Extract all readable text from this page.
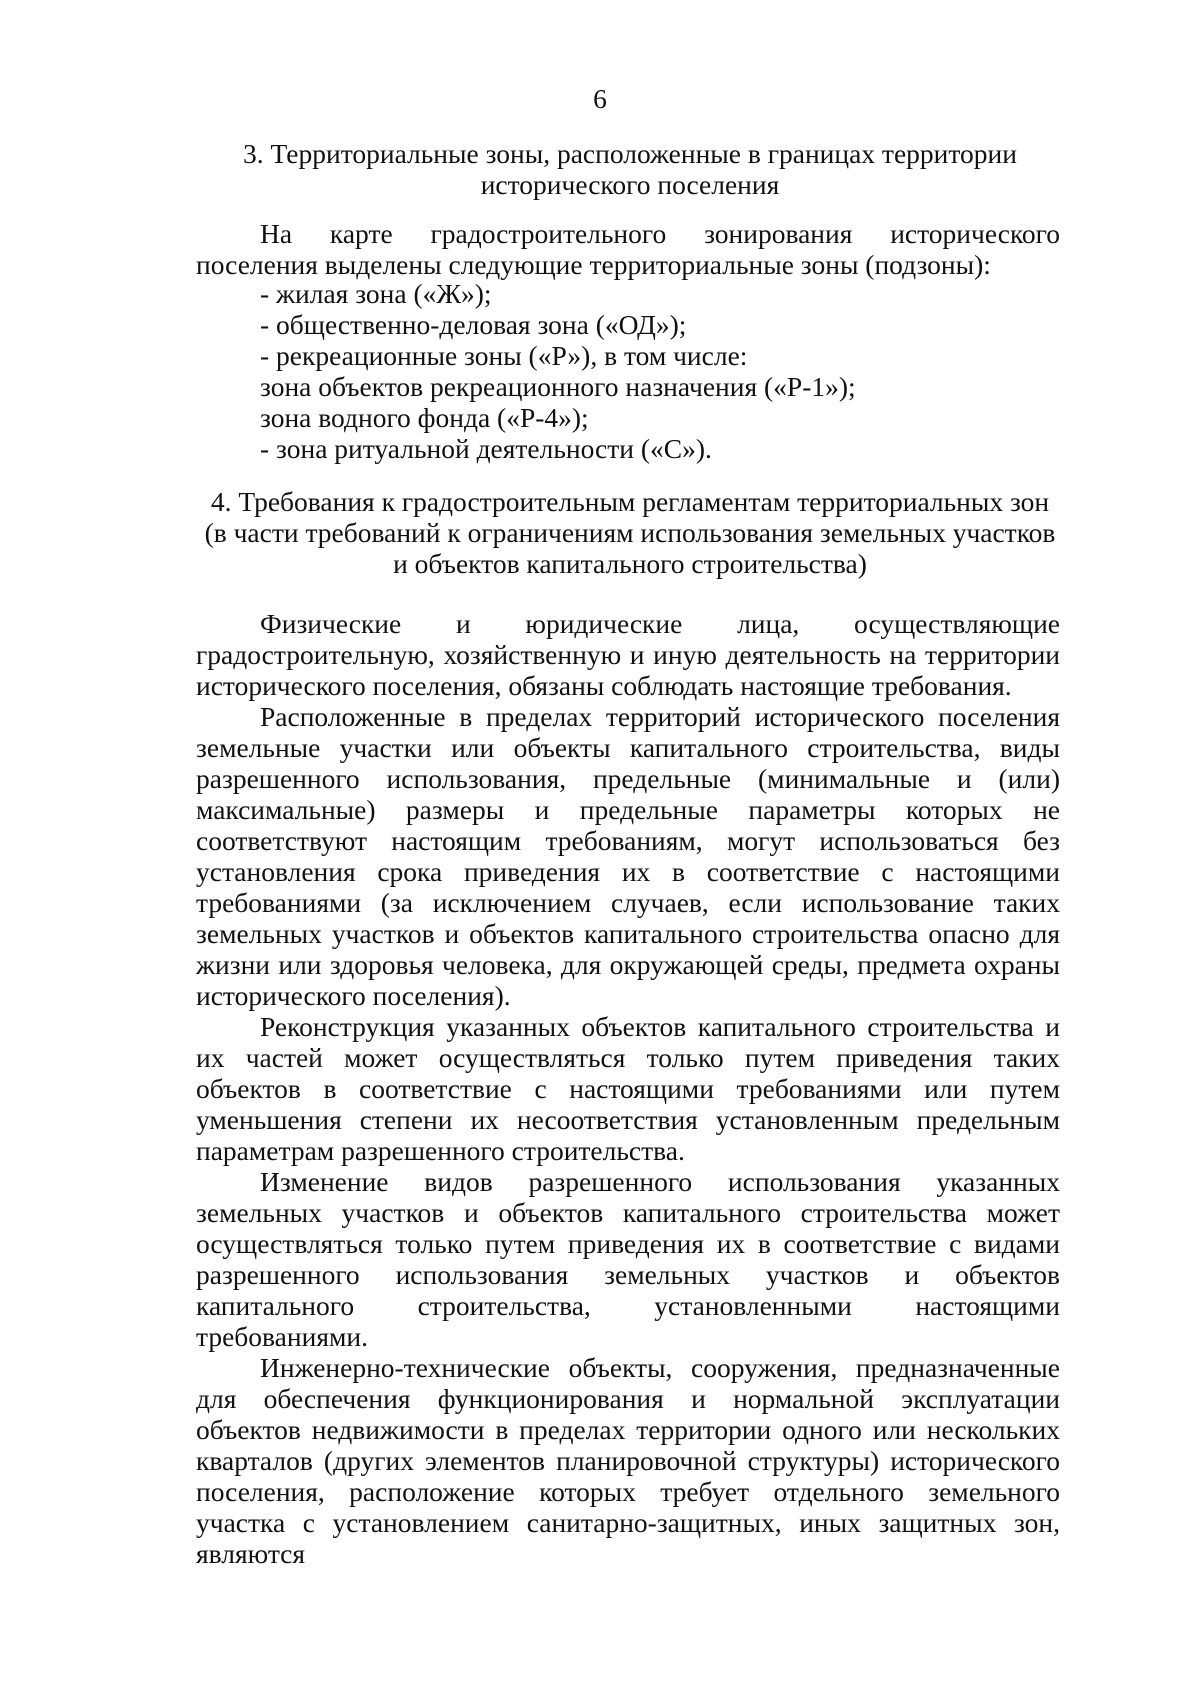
6
3. Территориальные зоны, расположенные в границах территории
исторического поселения

На карте градостроительного зонирования исторического поселения выделены следующие территориальные зоны (подзоны):

- жилая зона («Ж»);
- общественно-деловая зона («ОД»);
- рекреационные зоны («Р»), в том числе:
зона объектов рекреационного назначения («Р-1»);
зона водного фонда («Р-4»);
- зона ритуальной деятельности («С»).
4. Требования к градостроительным регламентам территориальных зон
(в части требований к ограничениям использования земельных участков
и объектов капитального строительства)

Физические и юридические лица, осуществляющие градостроительную, хозяйственную и иную деятельность на территории исторического поселения, обязаны соблюдать настоящие требования.

Расположенные в пределах территорий исторического поселения земельные участки или объекты капитального строительства, виды разрешенного использования, предельные (минимальные и (или) максимальные) размеры и предельные параметры которых не соответствуют настоящим требованиям, могут использоваться без установления срока приведения их в соответствие с настоящими требованиями (за исключением случаев, если использование таких земельных участков и объектов капитального строительства опасно для жизни или здоровья человека, для окружающей среды, предмета охраны исторического поселения).

Реконструкция указанных объектов капитального строительства и их частей может осуществляться только путем приведения таких объектов в соответствие с настоящими требованиями или путем уменьшения степени их несоответствия установленным предельным параметрам разрешенного строительства.

Изменение видов разрешенного использования указанных земельных участков и объектов капитального строительства может осуществляться только путем приведения их в соответствие с видами разрешенного использования земельных участков и объектов капитального строительства, установленными настоящими требованиями.

Инженерно-технические объекты, сооружения, предназначенные для обеспечения функционирования и нормальной эксплуатации объектов недвижимости в пределах территории одного или нескольких кварталов (других элементов планировочной структуры) исторического поселения, расположение которых требует отдельного земельного участка с установлением санитарно-защитных, иных защитных зон, являются
